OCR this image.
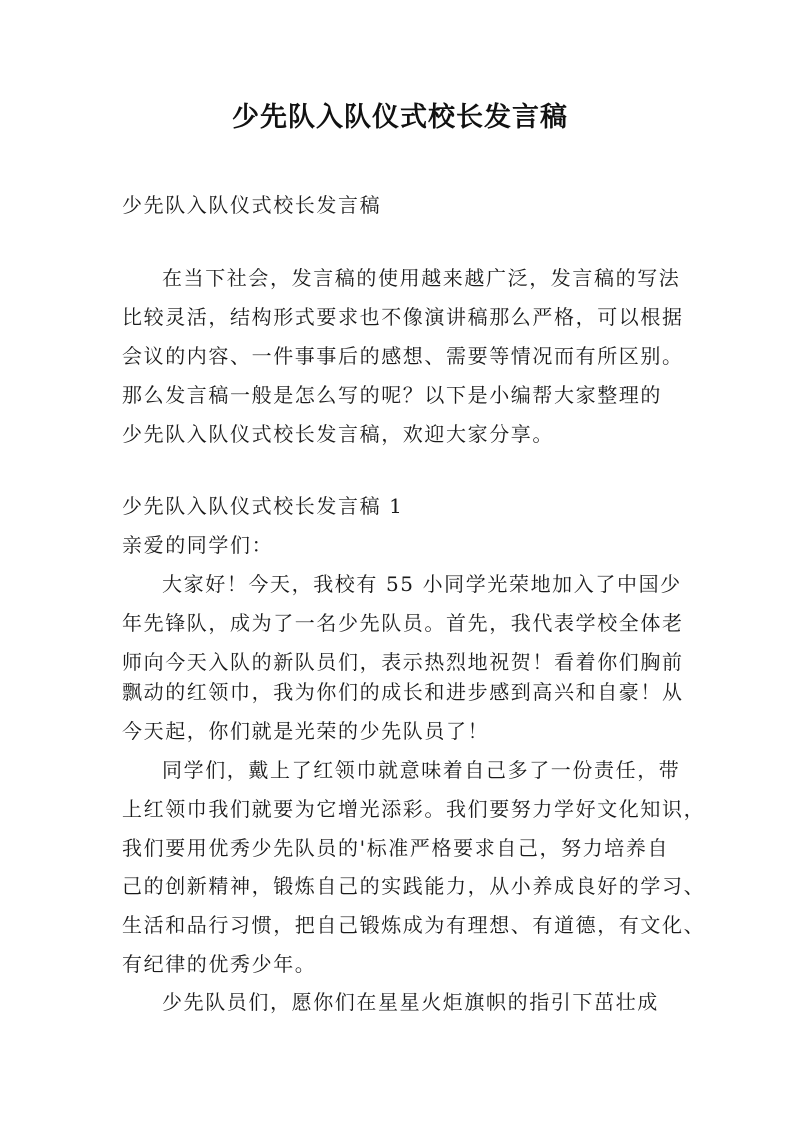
少先队入队仪式校长发言稿
少先队入队仪式校长发言稿
在当下社会，发言稿的使用越来越广泛，发言稿的写法
比较灵活，结构形式要求也不像演讲稿那么严格，可以根据
会议的内容、一件事事后的感想、需要等情况而有所区别。
那么发言稿一般是怎么写的呢？以下是小编帮大家整理的
少先队入队仪式校长发言稿，欢迎大家分享。
少先队入队仪式校长发言稿 1
亲爱的同学们：
大家好！今天，我校有 55 小同学光荣地加入了中国少
年先锋队，成为了一名少先队员。首先，我代表学校全体老
师向今天入队的新队员们，表示热烈地祝贺！看着你们胸前
飘动的红领巾，我为你们的成长和进步感到高兴和自豪！从
今天起，你们就是光荣的少先队员了！
同学们，戴上了红领巾就意味着自己多了一份责任，带
上红领巾我们就要为它增光添彩。我们要努力学好文化知识，
我们要用优秀少先队员的'标准严格要求自己，努力培养自
己的创新精神，锻炼自己的实践能力，从小养成良好的学习、
生活和品行习惯，把自己锻炼成为有理想、有道德，有文化、
有纪律的优秀少年。
少先队员们，愿你们在星星火炬旗帜的指引下茁壮成
